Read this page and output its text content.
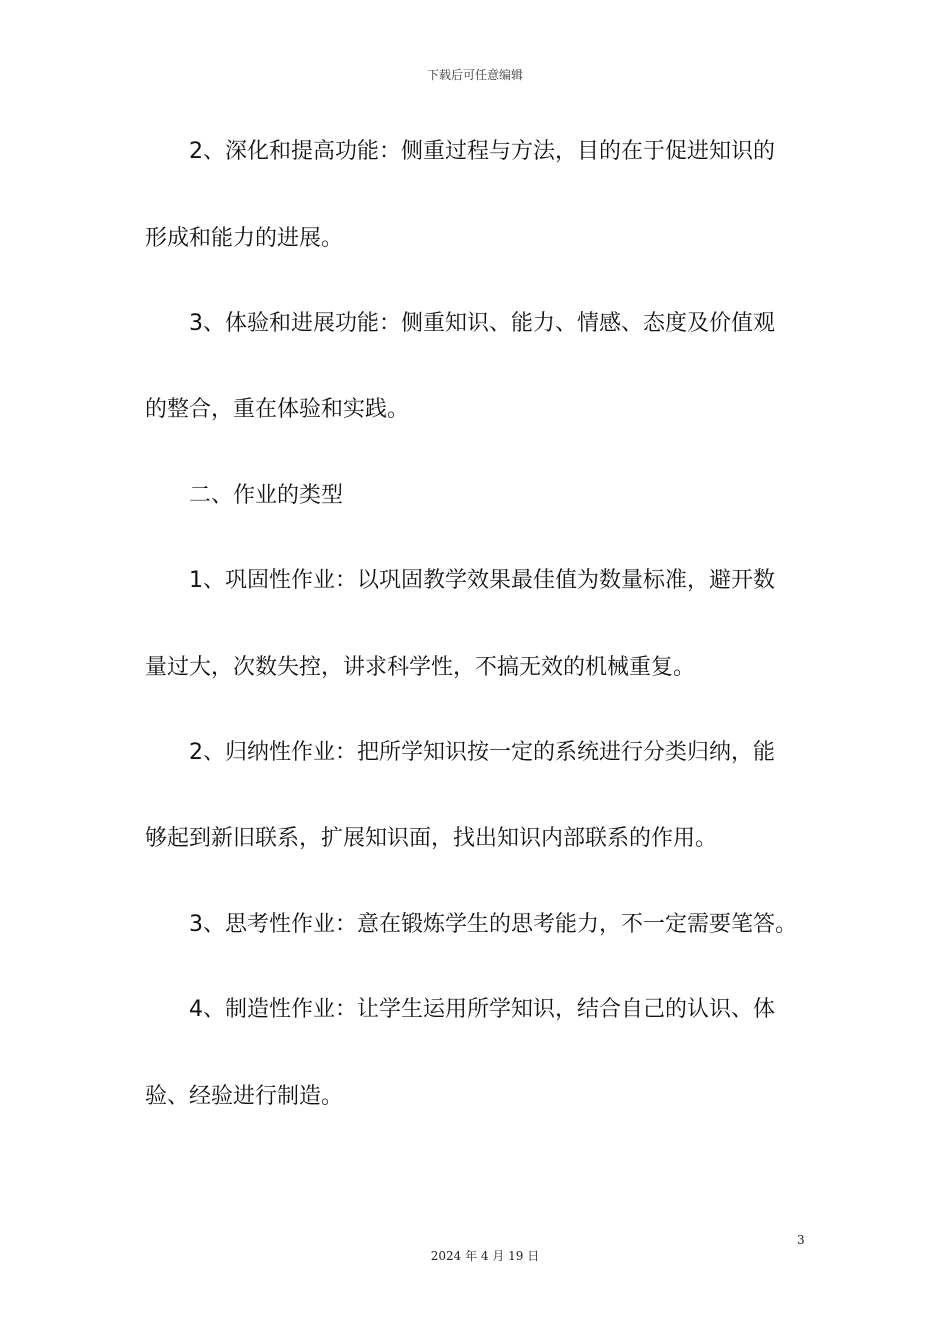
下载后可任意编辑
2、深化和提高功能：侧重过程与方法，目的在于促进知识的
形成和能力的进展。
3、体验和进展功能：侧重知识、能力、情感、态度及价值观
的整合，重在体验和实践。
二、作业的类型
1、巩固性作业：以巩固教学效果最佳值为数量标准，避开数
量过大，次数失控，讲求科学性，不搞无效的机械重复。
2、归纳性作业：把所学知识按一定的系统进行分类归纳，能
够起到新旧联系，扩展知识面，找出知识内部联系的作用。
3、思考性作业：意在锻炼学生的思考能力，不一定需要笔答。
4、制造性作业：让学生运用所学知识，结合自己的认识、体
验、经验进行制造。
3
2024 年 4 月 19 日
